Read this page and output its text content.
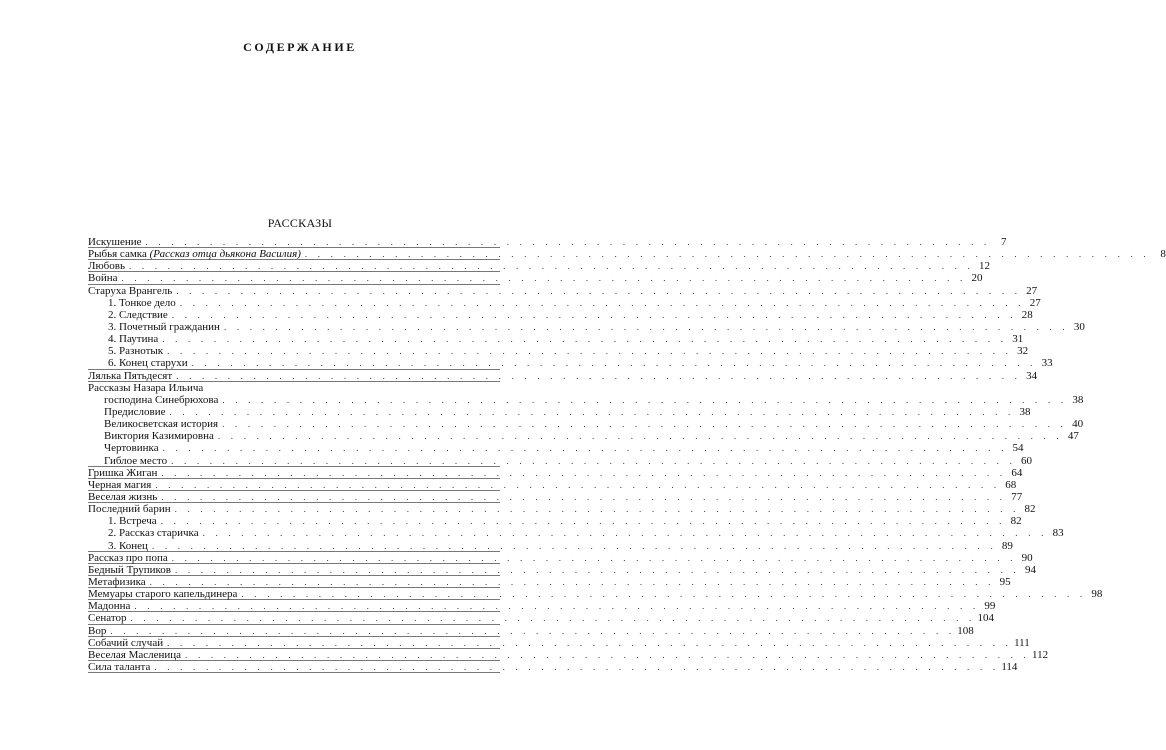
СОДЕРЖАНИЕ
РАССКАЗЫ
Искушение . . . . . . . . . . . . . . . . . . . . . . . . . . . . . . . . . . . . . . . . . . . . . . . . . . . . . . . . . . . . . . . . . . 7
Рыбья самка (Рассказ отца дьякона Василия) . . . . . . . . . . . . . . . . . . . . . . . . . . . . . . . . . . . . . . . . . . . . . . . . . . . . . . . . . . . . . . . . . . 8
Любовь . . . . . . . . . . . . . . . . . . . . . . . . . . . . . . . . . . . . . . . . . . . . . . . . . . . . . . . . . . . . . . . . . . 12
Война . . . . . . . . . . . . . . . . . . . . . . . . . . . . . . . . . . . . . . . . . . . . . . . . . . . . . . . . . . . . . . . . . . 20
Старуха Врангель . . . . . . . . . . . . . . . . . . . . . . . . . . . . . . . . . . . . . . . . . . . . . . . . . . . . . . . . . . . . . . . . . . 27
1. Тонкое дело . . . . . . . . . . . . . . . . . . . . . . . . . . . . . . . . . . . . . . . . . . . . . . . . . . . . . . . . . . . . . . . . . . 27
2. Следствие . . . . . . . . . . . . . . . . . . . . . . . . . . . . . . . . . . . . . . . . . . . . . . . . . . . . . . . . . . . . . . . . . . 28
3. Почетный гражданин . . . . . . . . . . . . . . . . . . . . . . . . . . . . . . . . . . . . . . . . . . . . . . . . . . . . . . . . . . . . . . . . . . 30
4. Паутина . . . . . . . . . . . . . . . . . . . . . . . . . . . . . . . . . . . . . . . . . . . . . . . . . . . . . . . . . . . . . . . . . . 31
5. Разнотык . . . . . . . . . . . . . . . . . . . . . . . . . . . . . . . . . . . . . . . . . . . . . . . . . . . . . . . . . . . . . . . . . . 32
6. Конец старухи . . . . . . . . . . . . . . . . . . . . . . . . . . . . . . . . . . . . . . . . . . . . . . . . . . . . . . . . . . . . . . . . . . 33
Лялька Пятьдесят . . . . . . . . . . . . . . . . . . . . . . . . . . . . . . . . . . . . . . . . . . . . . . . . . . . . . . . . . . . . . . . . . . 34
Рассказы Назара Ильича
господина Синебрюхова . . . . . . . . . . . . . . . . . . . . . . . . . . . . . . . . . . . . . . . . . . . . . . . . . . . . . . . . . . . . . . . . . . 38
Предисловие . . . . . . . . . . . . . . . . . . . . . . . . . . . . . . . . . . . . . . . . . . . . . . . . . . . . . . . . . . . . . . . . . . 38
Великосветская история . . . . . . . . . . . . . . . . . . . . . . . . . . . . . . . . . . . . . . . . . . . . . . . . . . . . . . . . . . . . . . . . . . 40
Виктория Казимировна . . . . . . . . . . . . . . . . . . . . . . . . . . . . . . . . . . . . . . . . . . . . . . . . . . . . . . . . . . . . . . . . . . 47
Чертовинка . . . . . . . . . . . . . . . . . . . . . . . . . . . . . . . . . . . . . . . . . . . . . . . . . . . . . . . . . . . . . . . . . . 54
Гиблое место . . . . . . . . . . . . . . . . . . . . . . . . . . . . . . . . . . . . . . . . . . . . . . . . . . . . . . . . . . . . . . . . . . 60
Гришка Жиган . . . . . . . . . . . . . . . . . . . . . . . . . . . . . . . . . . . . . . . . . . . . . . . . . . . . . . . . . . . . . . . . . . 64
Черная магия . . . . . . . . . . . . . . . . . . . . . . . . . . . . . . . . . . . . . . . . . . . . . . . . . . . . . . . . . . . . . . . . . . 68
Веселая жизнь . . . . . . . . . . . . . . . . . . . . . . . . . . . . . . . . . . . . . . . . . . . . . . . . . . . . . . . . . . . . . . . . . . 77
Последний барин . . . . . . . . . . . . . . . . . . . . . . . . . . . . . . . . . . . . . . . . . . . . . . . . . . . . . . . . . . . . . . . . . . 82
1. Встреча . . . . . . . . . . . . . . . . . . . . . . . . . . . . . . . . . . . . . . . . . . . . . . . . . . . . . . . . . . . . . . . . . . 82
2. Рассказ старичка . . . . . . . . . . . . . . . . . . . . . . . . . . . . . . . . . . . . . . . . . . . . . . . . . . . . . . . . . . . . . . . . . . 83
3. Конец . . . . . . . . . . . . . . . . . . . . . . . . . . . . . . . . . . . . . . . . . . . . . . . . . . . . . . . . . . . . . . . . . . 89
Рассказ про попа . . . . . . . . . . . . . . . . . . . . . . . . . . . . . . . . . . . . . . . . . . . . . . . . . . . . . . . . . . . . . . . . . . 90
Бедный Трупиков . . . . . . . . . . . . . . . . . . . . . . . . . . . . . . . . . . . . . . . . . . . . . . . . . . . . . . . . . . . . . . . . . . 94
Метафизика . . . . . . . . . . . . . . . . . . . . . . . . . . . . . . . . . . . . . . . . . . . . . . . . . . . . . . . . . . . . . . . . . . 95
Мемуары старого капельдинера . . . . . . . . . . . . . . . . . . . . . . . . . . . . . . . . . . . . . . . . . . . . . . . . . . . . . . . . . . . . . . . . . . 98
Мадонна . . . . . . . . . . . . . . . . . . . . . . . . . . . . . . . . . . . . . . . . . . . . . . . . . . . . . . . . . . . . . . . . . . 99
Сенатор . . . . . . . . . . . . . . . . . . . . . . . . . . . . . . . . . . . . . . . . . . . . . . . . . . . . . . . . . . . . . . . . . . 104
Вор . . . . . . . . . . . . . . . . . . . . . . . . . . . . . . . . . . . . . . . . . . . . . . . . . . . . . . . . . . . . . . . . . . 108
Собачий случай . . . . . . . . . . . . . . . . . . . . . . . . . . . . . . . . . . . . . . . . . . . . . . . . . . . . . . . . . . . . . . . . . . 111
Веселая Масленица . . . . . . . . . . . . . . . . . . . . . . . . . . . . . . . . . . . . . . . . . . . . . . . . . . . . . . . . . . . . . . . . . . 112
Сила таланта . . . . . . . . . . . . . . . . . . . . . . . . . . . . . . . . . . . . . . . . . . . . . . . . . . . . . . . . . . . . . . . . . . 114
